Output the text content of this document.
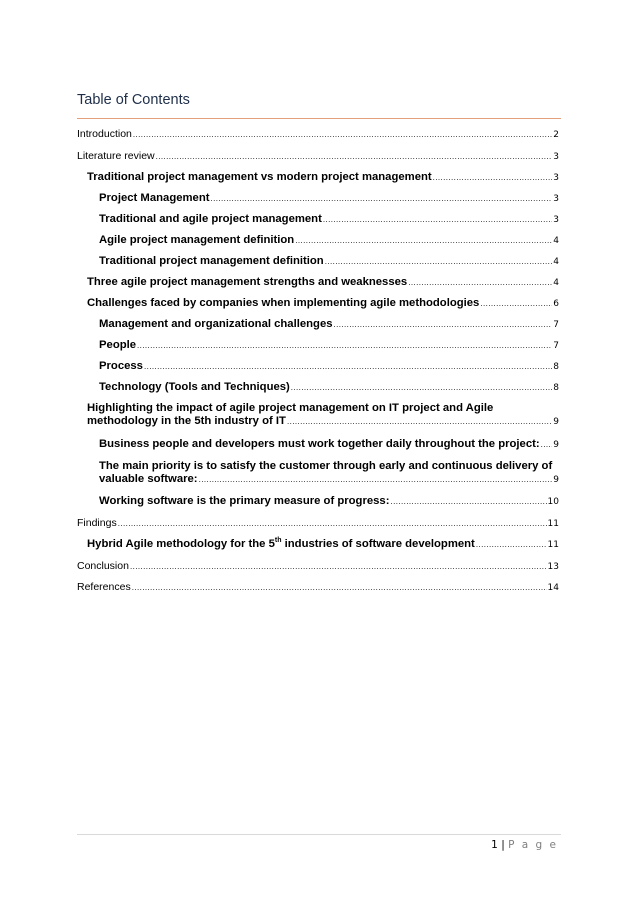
Table of Contents
Introduction .....	2
Literature review .....	3
Traditional project management vs modern project management .....	3
Project Management .....	3
Traditional and agile project management .....	3
Agile project management definition .....	4
Traditional project management definition .....	4
Three agile project management strengths and weaknesses .....	4
Challenges faced by companies when implementing agile methodologies .....	6
Management and organizational challenges .....	7
People .....	7
Process .....	8
Technology (Tools and Techniques) .....	8
Highlighting the impact of agile project management on IT project and Agile
methodology in the 5th industry of IT .....	9
Business people and developers must work together daily throughout the project: ..... 9
The main priority is to satisfy the customer through early and continuous delivery of
valuable software: .....	9
Working software is the primary measure of progress: .....	10
Findings .....	11
Hybrid Agile methodology for the 5th industries of software development .....	11
Conclusion .....	13
References .....	14
1 | P a g e
